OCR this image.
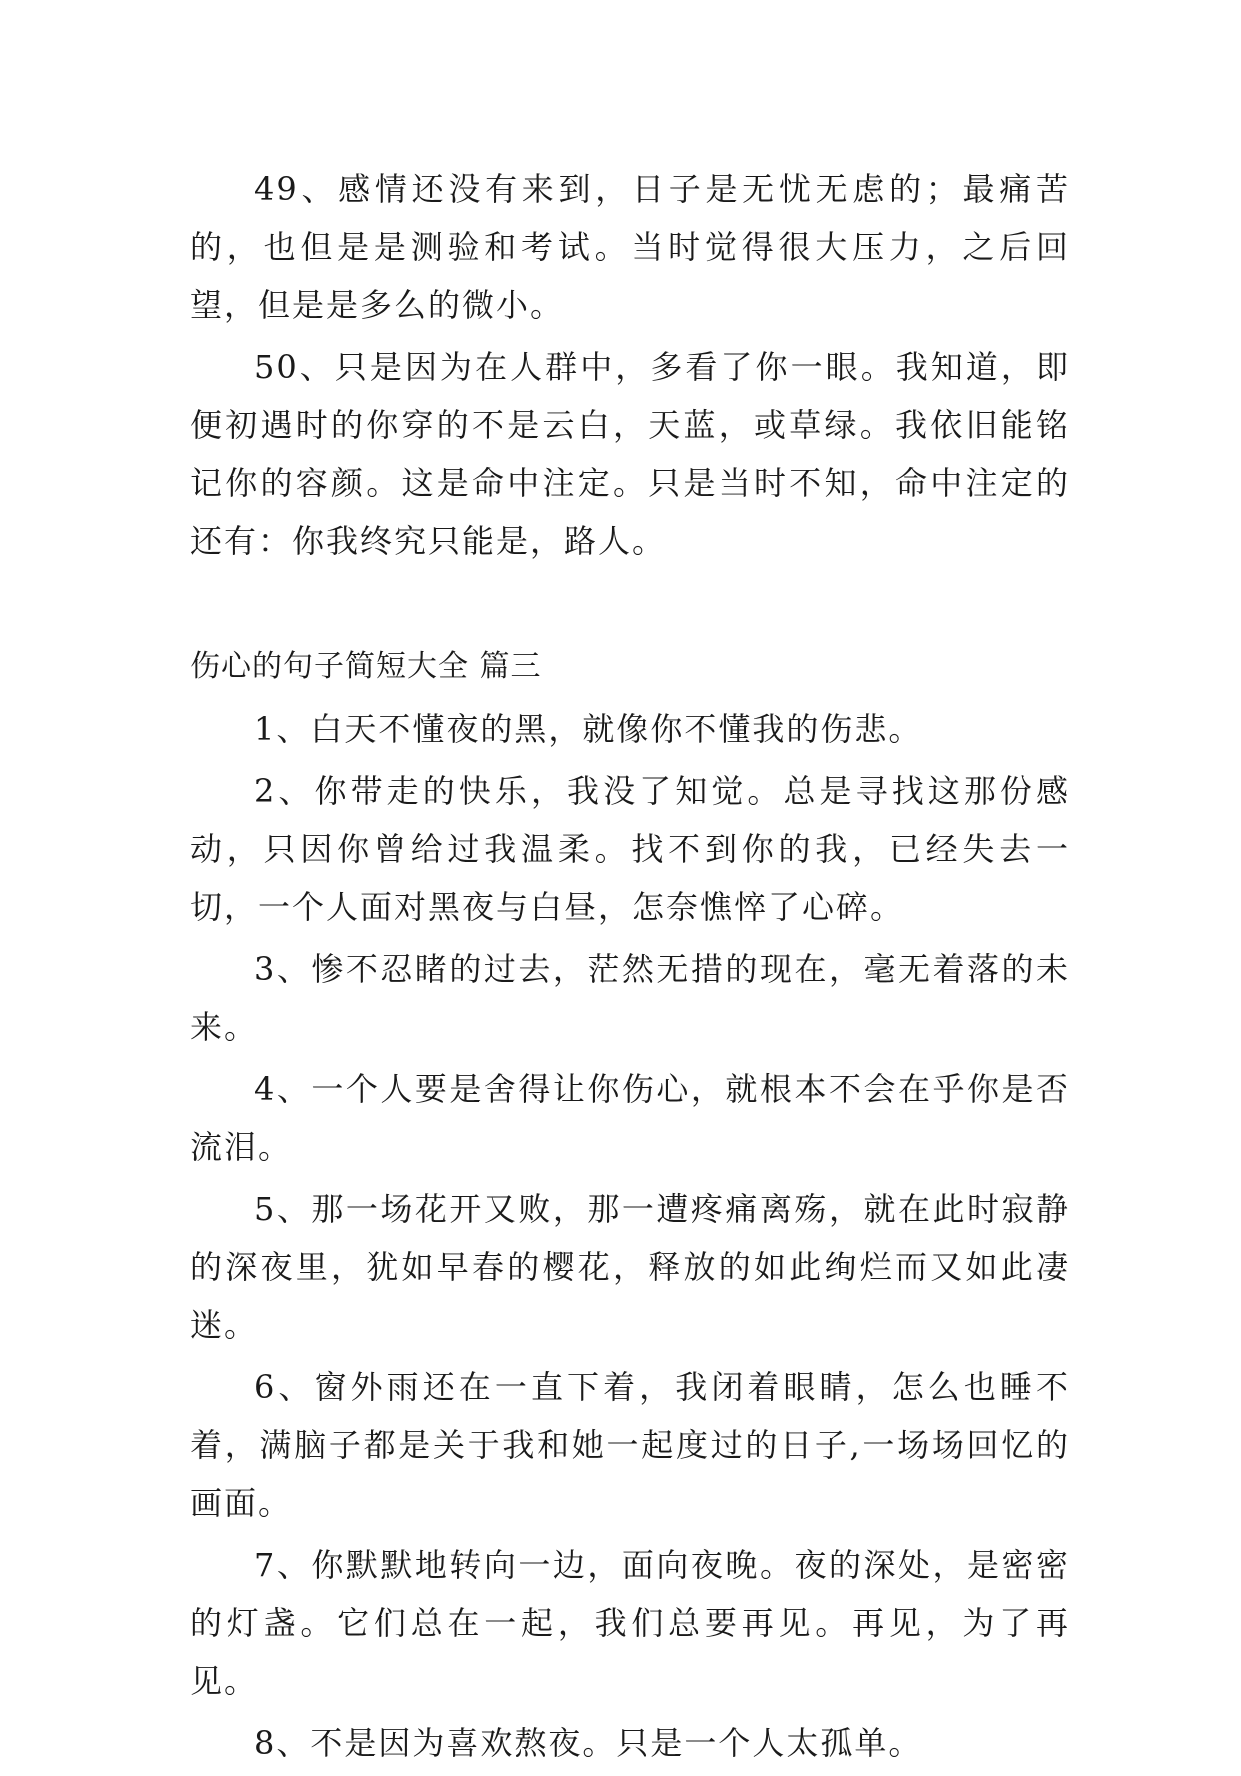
49、感情还没有来到，日子是无忧无虑的；最痛苦的，也但是是测验和考试。当时觉得很大压力，之后回望，但是是多么的微小。

50、只是因为在人群中，多看了你一眼。我知道，即便初遇时的你穿的不是云白，天蓝，或草绿。我依旧能铭记你的容颜。这是命中注定。只是当时不知，命中注定的还有：你我终究只能是，路人。

伤心的句子简短大全 篇三

1、白天不懂夜的黑，就像你不懂我的伤悲。

2、你带走的快乐，我没了知觉。总是寻找这那份感动，只因你曾给过我温柔。找不到你的我，已经失去一切，一个人面对黑夜与白昼，怎奈憔悴了心碎。

3、惨不忍睹的过去，茫然无措的现在，毫无着落的未来。

4、一个人要是舍得让你伤心，就根本不会在乎你是否流泪。

5、那一场花开又败，那一遭疼痛离殇，就在此时寂静的深夜里，犹如早春的樱花，释放的如此绚烂而又如此凄迷。

6、窗外雨还在一直下着，我闭着眼睛，怎么也睡不着，满脑子都是关于我和她一起度过的日子,一场场回忆的画面。

7、你默默地转向一边，面向夜晚。夜的深处，是密密的灯盏。它们总在一起，我们总要再见。再见，为了再见。

8、不是因为喜欢熬夜。只是一个人太孤单。
